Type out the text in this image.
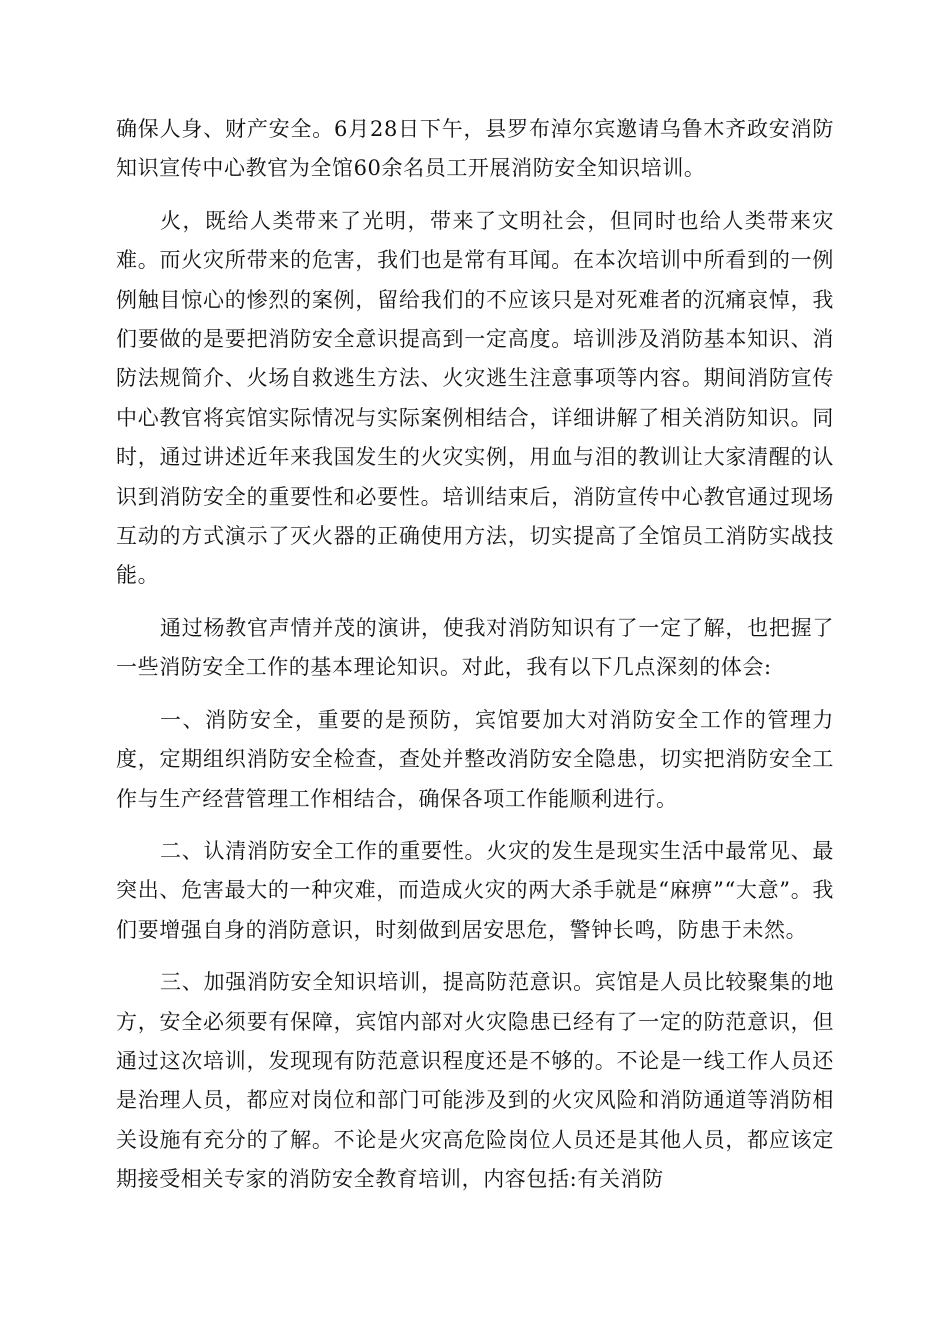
确保人身、财产安全。6月28日下午，县罗布淖尔宾邀请乌鲁木齐政安消防知识宣传中心教官为全馆60余名员工开展消防安全知识培训。

火，既给人类带来了光明，带来了文明社会，但同时也给人类带来灾难。而火灾所带来的危害，我们也是常有耳闻。在本次培训中所看到的一例例触目惊心的惨烈的案例，留给我们的不应该只是对死难者的沉痛哀悼，我们要做的是要把消防安全意识提高到一定高度。培训涉及消防基本知识、消防法规简介、火场自救逃生方法、火灾逃生注意事项等内容。期间消防宣传中心教官将宾馆实际情况与实际案例相结合，详细讲解了相关消防知识。同时，通过讲述近年来我国发生的火灾实例，用血与泪的教训让大家清醒的认识到消防安全的重要性和必要性。培训结束后，消防宣传中心教官通过现场互动的方式演示了灭火器的正确使用方法，切实提高了全馆员工消防实战技能。

通过杨教官声情并茂的演讲，使我对消防知识有了一定了解，也把握了一些消防安全工作的基本理论知识。对此，我有以下几点深刻的体会:

一、消防安全，重要的是预防，宾馆要加大对消防安全工作的管理力度，定期组织消防安全检查，查处并整改消防安全隐患，切实把消防安全工作与生产经营管理工作相结合，确保各项工作能顺利进行。

二、认清消防安全工作的重要性。火灾的发生是现实生活中最常见、最突出、危害最大的一种灾难，而造成火灾的两大杀手就是“麻痹”“大意”。我们要增强自身的消防意识，时刻做到居安思危，警钟长鸣，防患于未然。

三、加强消防安全知识培训，提高防范意识。宾馆是人员比较聚集的地方，安全必须要有保障，宾馆内部对火灾隐患已经有了一定的防范意识，但通过这次培训，发现现有防范意识程度还是不够的。不论是一线工作人员还是治理人员，都应对岗位和部门可能涉及到的火灾风险和消防通道等消防相关设施有充分的了解。不论是火灾高危险岗位人员还是其他人员，都应该定期接受相关专家的消防安全教育培训，内容包括:有关消防
